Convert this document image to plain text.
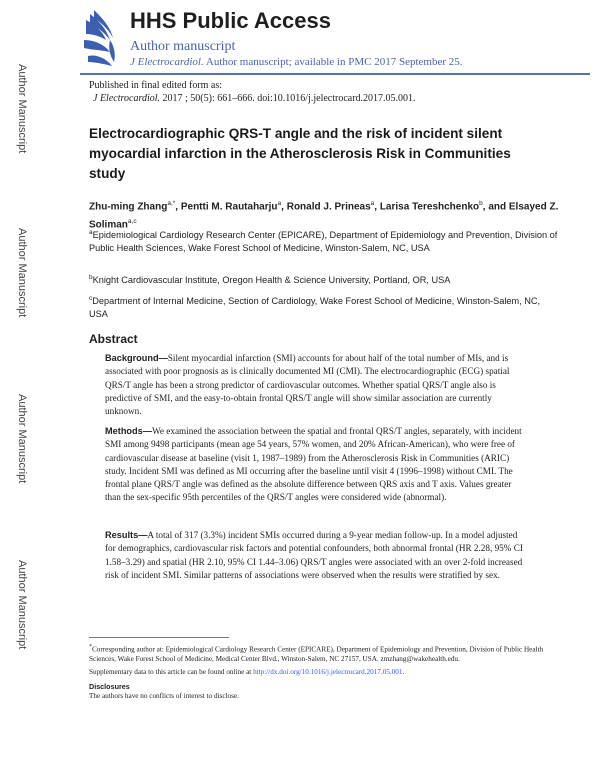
Author Manuscript
Author Manuscript
Author Manuscript
Author Manuscript
HHS Public Access
Author manuscript
J Electrocardiol. Author manuscript; available in PMC 2017 September 25.
Published in final edited form as:
J Electrocardiol. 2017 ; 50(5): 661–666. doi:10.1016/j.jelectrocard.2017.05.001.
Electrocardiographic QRS-T angle and the risk of incident silent myocardial infarction in the Atherosclerosis Risk in Communities study
Zhu-ming Zhang$^{a,*}$, Pentti M. Rautaharju$^a$, Ronald J. Prineas$^a$, Larisa Tereshchenko$^b$, and Elsayed Z. Soliman$^{a,c}$
$^a$Epidemiological Cardiology Research Center (EPICARE), Department of Epidemiology and Prevention, Division of Public Health Sciences, Wake Forest School of Medicine, Winston-Salem, NC, USA
$^b$Knight Cardiovascular Institute, Oregon Health & Science University, Portland, OR, USA
$^c$Department of Internal Medicine, Section of Cardiology, Wake Forest School of Medicine, Winston-Salem, NC, USA
Abstract
Background—Silent myocardial infarction (SMI) accounts for about half of the total number of MIs, and is associated with poor prognosis as is clinically documented MI (CMI). The electrocardiographic (ECG) spatial QRS/T angle has been a strong predictor of cardiovascular outcomes. Whether spatial QRS/T angle also is predictive of SMI, and the easy-to-obtain frontal QRS/T angle will show similar association are currently unknown.
Methods—We examined the association between the spatial and frontal QRS/T angles, separately, with incident SMI among 9498 participants (mean age 54 years, 57% women, and 20% African-American), who were free of cardiovascular disease at baseline (visit 1, 1987–1989) from the Atherosclerosis Risk in Communities (ARIC) study. Incident SMI was defined as MI occurring after the baseline until visit 4 (1996–1998) without CMI. The frontal plane QRS/T angle was defined as the absolute difference between QRS axis and T axis. Values greater than the sex-specific 95th percentiles of the QRS/T angles were considered wide (abnormal).
Results—A total of 317 (3.3%) incident SMIs occurred during a 9-year median follow-up. In a model adjusted for demographics, cardiovascular risk factors and potential confounders, both abnormal frontal (HR 2.28, 95% CI 1.58–3.29) and spatial (HR 2.10, 95% CI 1.44–3.06) QRS/T angles were associated with an over 2-fold increased risk of incident SMI. Similar patterns of associations were observed when the results were stratified by sex.

*Corresponding author at: Epidemiological Cardiology Research Center (EPICARE), Department of Epidemiology and Prevention, Division of Public Health Sciences, Wake Forest School of Medicine, Medical Center Blvd., Winston-Salem, NC 27157, USA. zmzhang@wakehealth.edu.

Supplementary data to this article can be found online at http://dx.doi.org/10.1016/j.jelectrocard.2017.05.001.

Disclosures
The authors have no conflicts of interest to disclose.
